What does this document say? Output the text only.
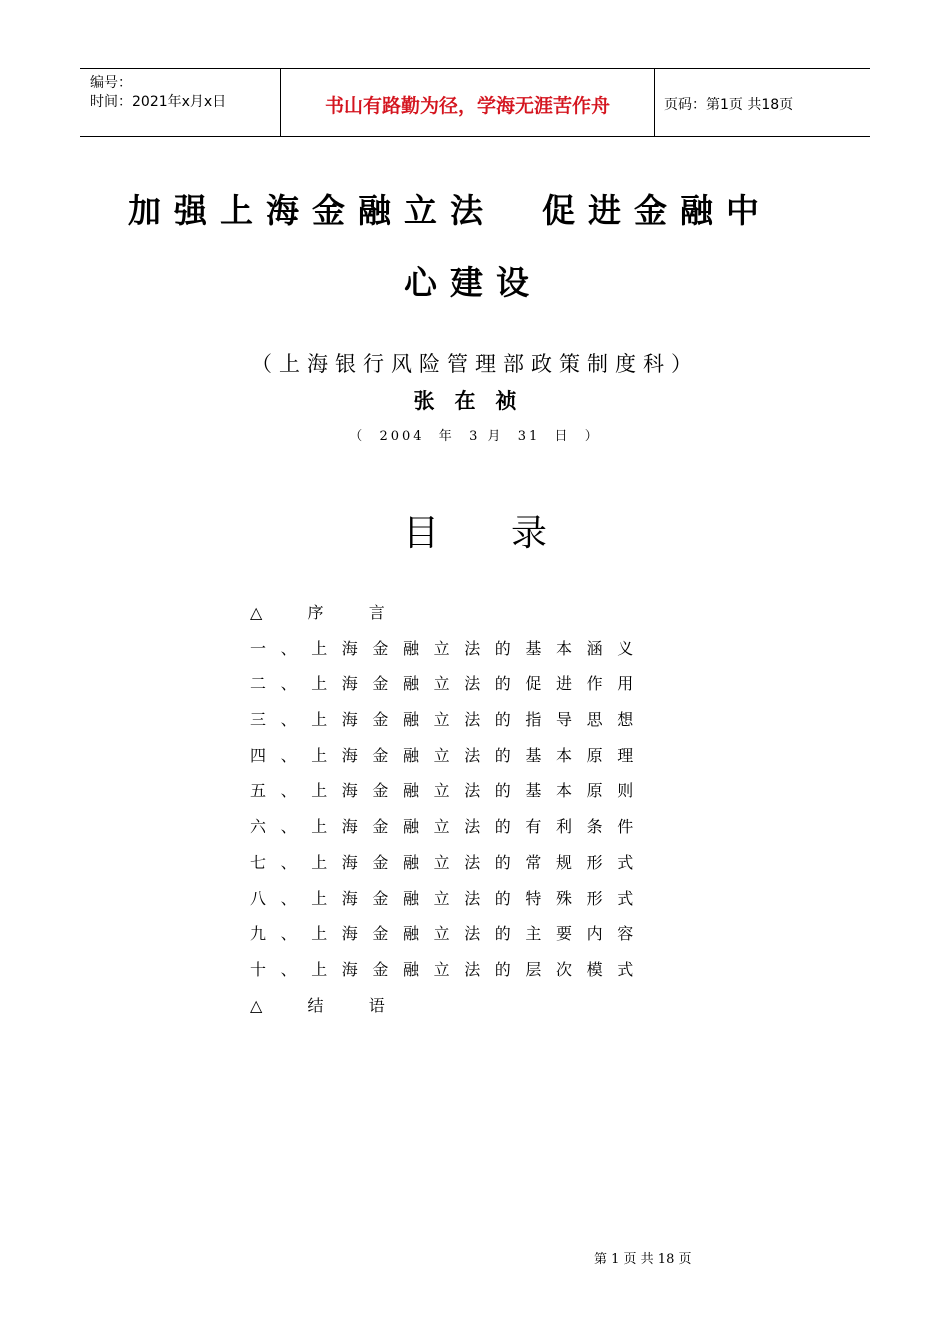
编号：
时间：2021年x月x日	书山有路勤为径，学海无涯苦作舟	页码：第1页 共18页
加强上海金融立法　促进金融中
心建设
（上海银行风险管理部政策制度科）
张在祯
（  2004  年  3 月  31  日  ）
目　　录
△　序　言
一、上海金融立法的基本涵义
二、上海金融立法的促进作用
三、上海金融立法的指导思想
四、上海金融立法的基本原理
五、上海金融立法的基本原则
六、上海金融立法的有利条件
七、上海金融立法的常规形式
八、上海金融立法的特殊形式
九、上海金融立法的主要内容
十、上海金融立法的层次模式
△　结　语
第 1 页 共 18 页
